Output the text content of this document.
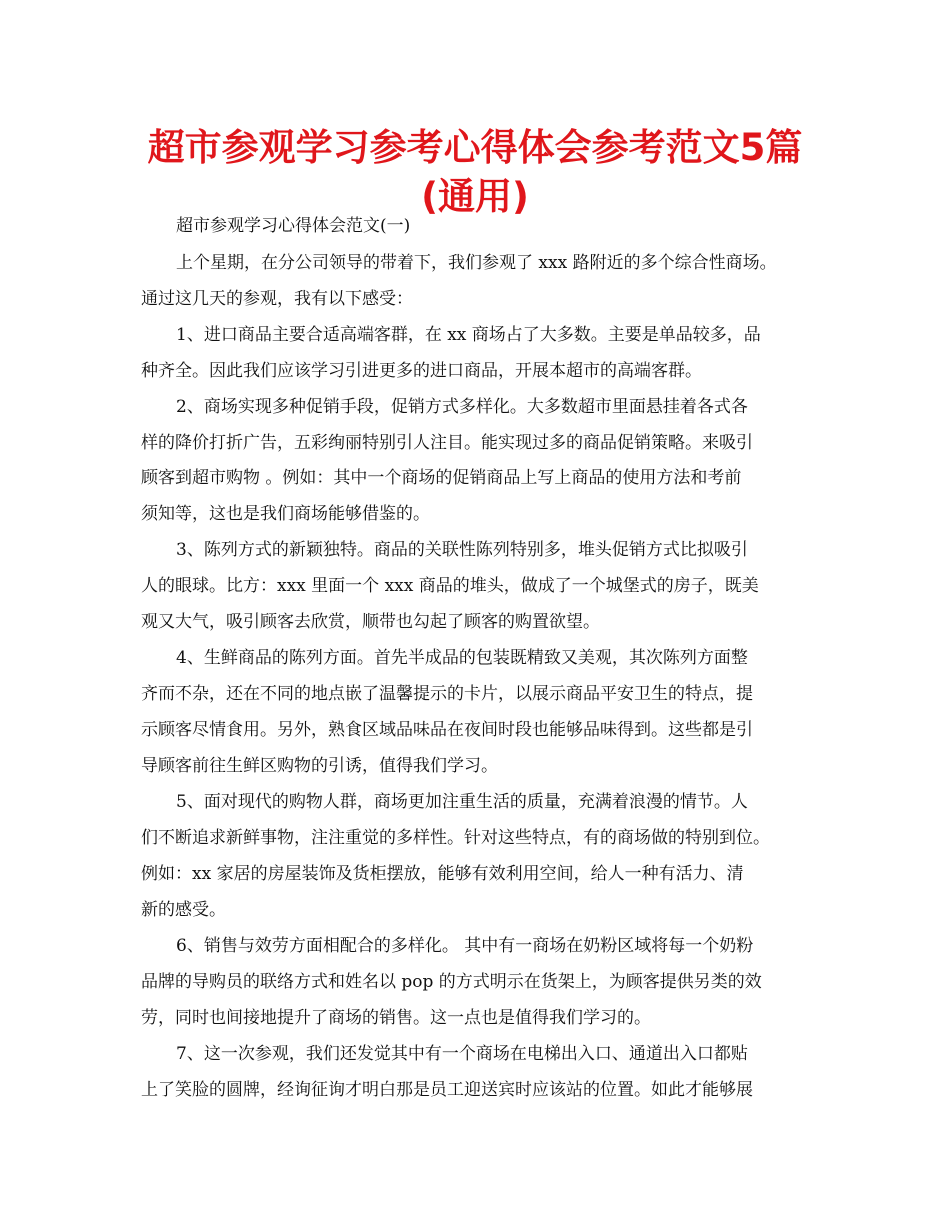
超市参观学习参考心得体会参考范文5篇
(通用)
超市参观学习心得体会范文(一)
上个星期，在分公司领导的带着下，我们参观了 xxx 路附近的多个综合性商场。
通过这几天的参观，我有以下感受：
1、进口商品主要合适高端客群，在 xx 商场占了大多数。主要是单品较多，品
种齐全。因此我们应该学习引进更多的进口商品，开展本超市的高端客群。
2、商场实现多种促销手段，促销方式多样化。大多数超市里面悬挂着各式各
样的降价打折广告，五彩绚丽特别引人注目。能实现过多的商品促销策略。来吸引
顾客到超市购物 。例如：其中一个商场的促销商品上写上商品的使用方法和考前
须知等，这也是我们商场能够借鉴的。
3、陈列方式的新颖独特。商品的关联性陈列特别多，堆头促销方式比拟吸引
人的眼球。比方：xxx 里面一个 xxx 商品的堆头，做成了一个城堡式的房子，既美
观又大气，吸引顾客去欣赏，顺带也勾起了顾客的购置欲望。
4、生鲜商品的陈列方面。首先半成品的包装既精致又美观，其次陈列方面整
齐而不杂，还在不同的地点嵌了温馨提示的卡片，以展示商品平安卫生的特点，提
示顾客尽情食用。另外，熟食区域品味品在夜间时段也能够品味得到。这些都是引
导顾客前往生鲜区购物的引诱，值得我们学习。
5、面对现代的购物人群，商场更加注重生活的质量，充满着浪漫的情节。人
们不断追求新鲜事物，注注重觉的多样性。针对这些特点，有的商场做的特别到位。
例如：xx 家居的房屋装饰及货柜摆放，能够有效利用空间，给人一种有活力、清
新的感受。
6、销售与效劳方面相配合的多样化。 其中有一商场在奶粉区域将每一个奶粉
品牌的导购员的联络方式和姓名以 pop 的方式明示在货架上，为顾客提供另类的效
劳，同时也间接地提升了商场的销售。这一点也是值得我们学习的。
7、这一次参观，我们还发觉其中有一个商场在电梯出入口、通道出入口都贴
上了笑脸的圆牌，经询征询才明白那是员工迎送宾时应该站的位置。如此才能够展
